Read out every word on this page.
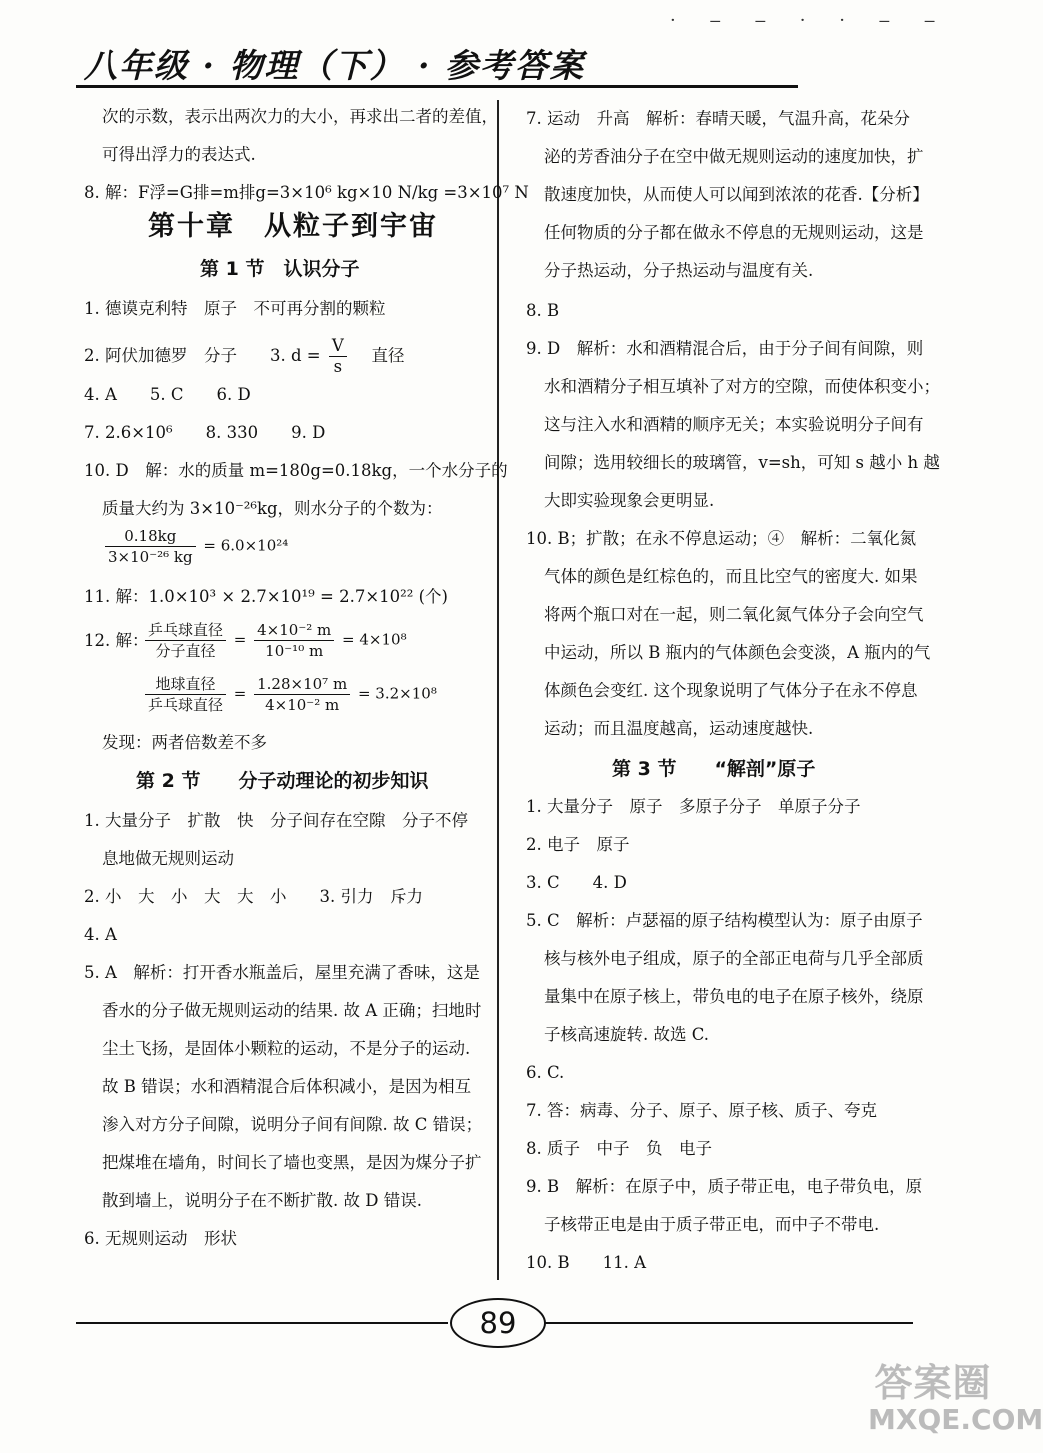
· ‒ ‒ · · ‒ ‒
八年级 · 物理（下） · 参考答案
次的示数，表示出两次力的大小，再求出二者的差值，
可得出浮力的表达式.
8. 解：F浮=G排=m排g=3×10⁶ kg×10 N/kg =3×10⁷ N
第十章　从粒子到宇宙
第 1 节　认识分子
1. 德谟克利特　原子　不可再分割的颗粒
2. 阿伏加德罗　分子　　3. $d = \frac{V}{s}$ 　直径
4. A　　5. C　　6. D
7. 2.6×10⁶　　8. 330　　9. D
10. D　解：水的质量 m=180g=0.18kg，一个水分子的
质量大约为 3×10⁻²⁶kg，则水分子的个数为：
$\frac{0.18kg}{\text{3×10⁻²⁶ kg}} = 6.0\times 10^{24}$
11. 解：1.0×10³ × 2.7×10¹⁹ = 2.7×10²² (个)
12. 解：
$\frac{\text{乒乓球直径}}{\text{分子直径}} = \frac{\text{4×10⁻² m}}{\text{10⁻¹⁰ m}} = 4\times 10^8$
$\frac{\text{地球直径}}{\text{乒乓球直径}} = \frac{\text{1.28×10⁷ m}}{\text{4×10⁻² m}} = 3.2\times 10^8$
发现：两者倍数差不多
第 2 节　　分子动理论的初步知识
1. 大量分子　扩散　快　分子间存在空隙　分子不停
息地做无规则运动
2. 小　大　小　大　大　小　　3. 引力　斥力
4. A
5. A　解析：打开香水瓶盖后，屋里充满了香味，这是
香水的分子做无规则运动的结果. 故 A 正确；扫地时
尘土飞扬，是固体小颗粒的运动，不是分子的运动.
故 B 错误；水和酒精混合后体积减小，是因为相互
渗入对方分子间隙，说明分子间有间隙. 故 C 错误；
把煤堆在墙角，时间长了墙也变黑，是因为煤分子扩
散到墙上，说明分子在不断扩散. 故 D 错误.
6. 无规则运动　形状
7. 运动　升高　解析：春晴天暖，气温升高，花朵分
泌的芳香油分子在空中做无规则运动的速度加快，扩
散速度加快，从而使人可以闻到浓浓的花香.【分析】
任何物质的分子都在做永不停息的无规则运动，这是
分子热运动，分子热运动与温度有关.
8. B
9. D　解析：水和酒精混合后，由于分子间有间隙，则
水和酒精分子相互填补了对方的空隙，而使体积变小；
这与注入水和酒精的顺序无关；本实验说明分子间有
间隙；选用较细长的玻璃管，v=sh，可知 s 越小 h 越
大即实验现象会更明显.
10. B；扩散；在永不停息运动；④　解析：二氧化氮
气体的颜色是红棕色的，而且比空气的密度大. 如果
将两个瓶口对在一起，则二氧化氮气体分子会向空气
中运动，所以 B 瓶内的气体颜色会变淡，A 瓶内的气
体颜色会变红. 这个现象说明了气体分子在永不停息
运动；而且温度越高，运动速度越快.
第 3 节　　“解剖”原子
1. 大量分子　原子　多原子分子　单原子分子
2. 电子　原子
3. C　　4. D
5. C　解析：卢瑟福的原子结构模型认为：原子由原子
核与核外电子组成，原子的全部正电荷与几乎全部质
量集中在原子核上，带负电的电子在原子核外，绕原
子核高速旋转. 故选 C.
6. C.
7. 答：病毒、分子、原子、原子核、质子、夸克
8. 质子　中子　负　电子
9. B　解析：在原子中，质子带正电，电子带负电，原
子核带正电是由于质子带正电，而中子不带电.
10. B　　11. A
89
答案圈
MXQE.COM
